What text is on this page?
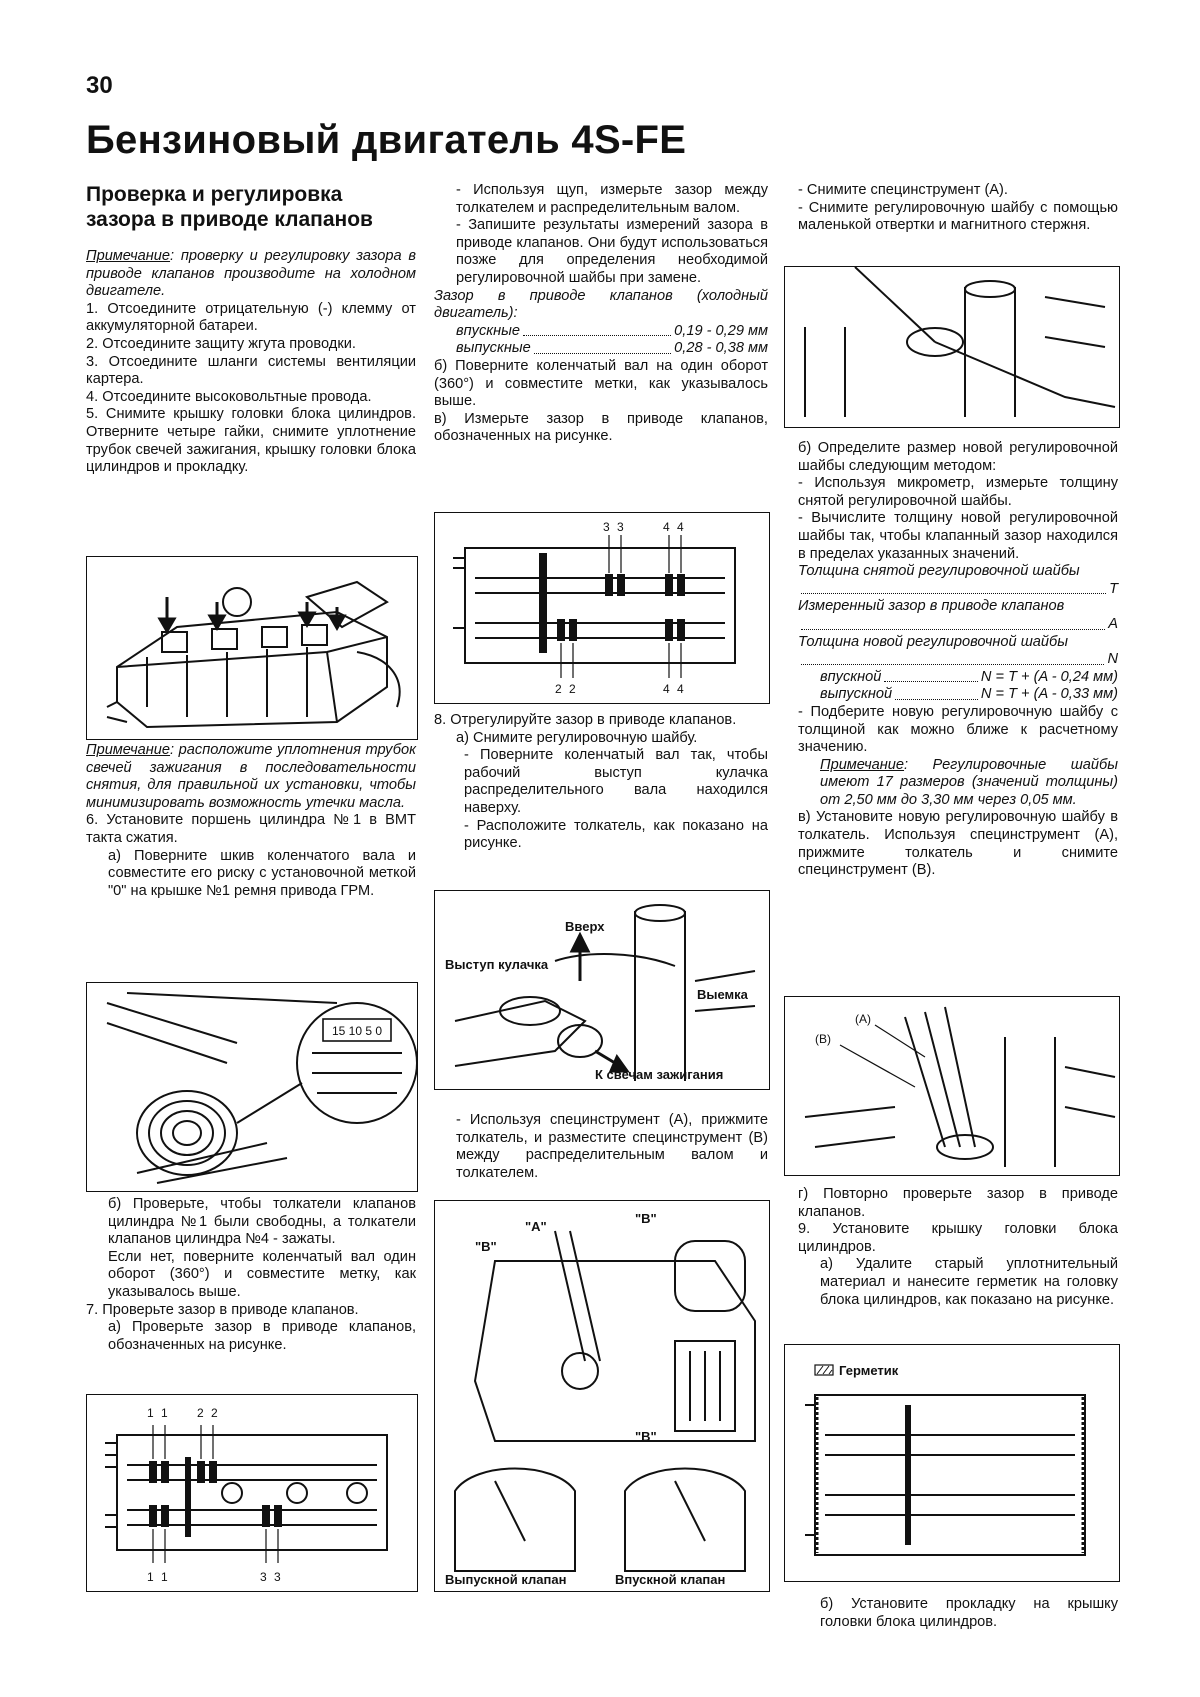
30
Бензиновый двигатель 4S-FE
Проверка и регулировка зазора в приводе клапанов

Примечание: проверку и регулировку зазора в приводе клапанов производите на холодном двигателе.

1. Отсоедините отрицательную (-) клемму от аккумуляторной батареи.

2. Отсоедините защиту жгута проводки.

3. Отсоедините шланги системы вентиляции картера.

4. Отсоедините высоковольтные провода.

5. Снимите крышку головки блока цилиндров. Отверните четыре гайки, снимите уплотнение трубок свечей зажигания, крышку головки блока цилиндров и прокладку.

Примечание: расположите уплотнения трубок свечей зажигания в последовательности снятия, для правильной их установки, чтобы минимизировать возможность утечки масла.

6. Установите поршень цилиндра №1 в ВМТ такта сжатия.

а) Поверните шкив коленчатого вала и совместите его риску с установочной меткой "0" на крышке №1 ремня привода ГРМ.

15 10 5 0

б) Проверьте, чтобы толкатели клапанов цилиндра №1 были свободны, а толкатели клапанов цилиндра №4 - зажаты.

Если нет, поверните коленчатый вал один оборот (360°) и совместите метку, как указывалось выше.

7. Проверьте зазор в приводе клапанов.

а) Проверьте зазор в приводе клапанов, обозначенных на рисунке.

1 1 2 2
1 1	3 3

- Используя щуп, измерьте зазор между толкателем и распределительным валом.

- Запишите результаты измерений зазора в приводе клапанов. Они будут использоваться позже для определения необходимой регулировочной шайбы при замене.

Зазор в приводе клапанов (холодный двигатель):

впускные	0,19 - 0,29 мм
выпускные	0,28 - 0,38 мм

б) Поверните коленчатый вал на один оборот (360°) и совместите метки, как указывалось выше.

в) Измерьте зазор в приводе клапанов, обозначенных на рисунке.

3 3	4 4
2 2	4 4

8. Отрегулируйте зазор в приводе клапанов.

а) Снимите регулировочную шайбу.

- Поверните коленчатый вал так, чтобы рабочий выступ кулачка распределительного вала находился наверху.

- Расположите толкатель, как показано на рисунке.

Вверх
Выступ кулачка
Выемка
К свечам зажигания

- Используя специнструмент (А), прижмите толкатель, и разместите специнструмент (В) между распределительным валом и толкателем.

"A"
"B"
"B"
"B"
Выпускной клапан	Впускной клапан

- Снимите специнструмент (А).

- Снимите регулировочную шайбу с помощью маленькой отвертки и магнитного стержня.

б) Определите размер новой регулировочной шайбы следующим методом:

- Используя микрометр, измерьте толщину снятой регулировочной шайбы.

- Вычислите толщину новой регулировочной шайбы так, чтобы клапанный зазор находился в пределах указанных значений.

Толщина снятой регулировочной шайбы
T
Измеренный зазор в приводе клапанов
A
Толщина новой регулировочной шайбы
N
впускной	N = T + (A - 0,24 мм)
выпускной	N = T + (A - 0,33 мм)

- Подберите новую регулировочную шайбу с толщиной как можно ближе к расчетному значению.

Примечание: Регулировочные шайбы имеют 17 размеров (значений толщины) от 2,50 мм до 3,30 мм через 0,05 мм.

в) Установите новую регулировочную шайбу в толкатель. Используя специнструмент (А), прижмите толкатель и снимите специнструмент (В).

(A)
(B)

г) Повторно проверьте зазор в приводе клапанов.

9. Установите крышку головки блока цилиндров.

а) Удалите старый уплотнительный материал и нанесите герметик на головку блока цилиндров, как показано на рисунке.

Герметик

б) Установите прокладку на крышку головки блока цилиндров.
